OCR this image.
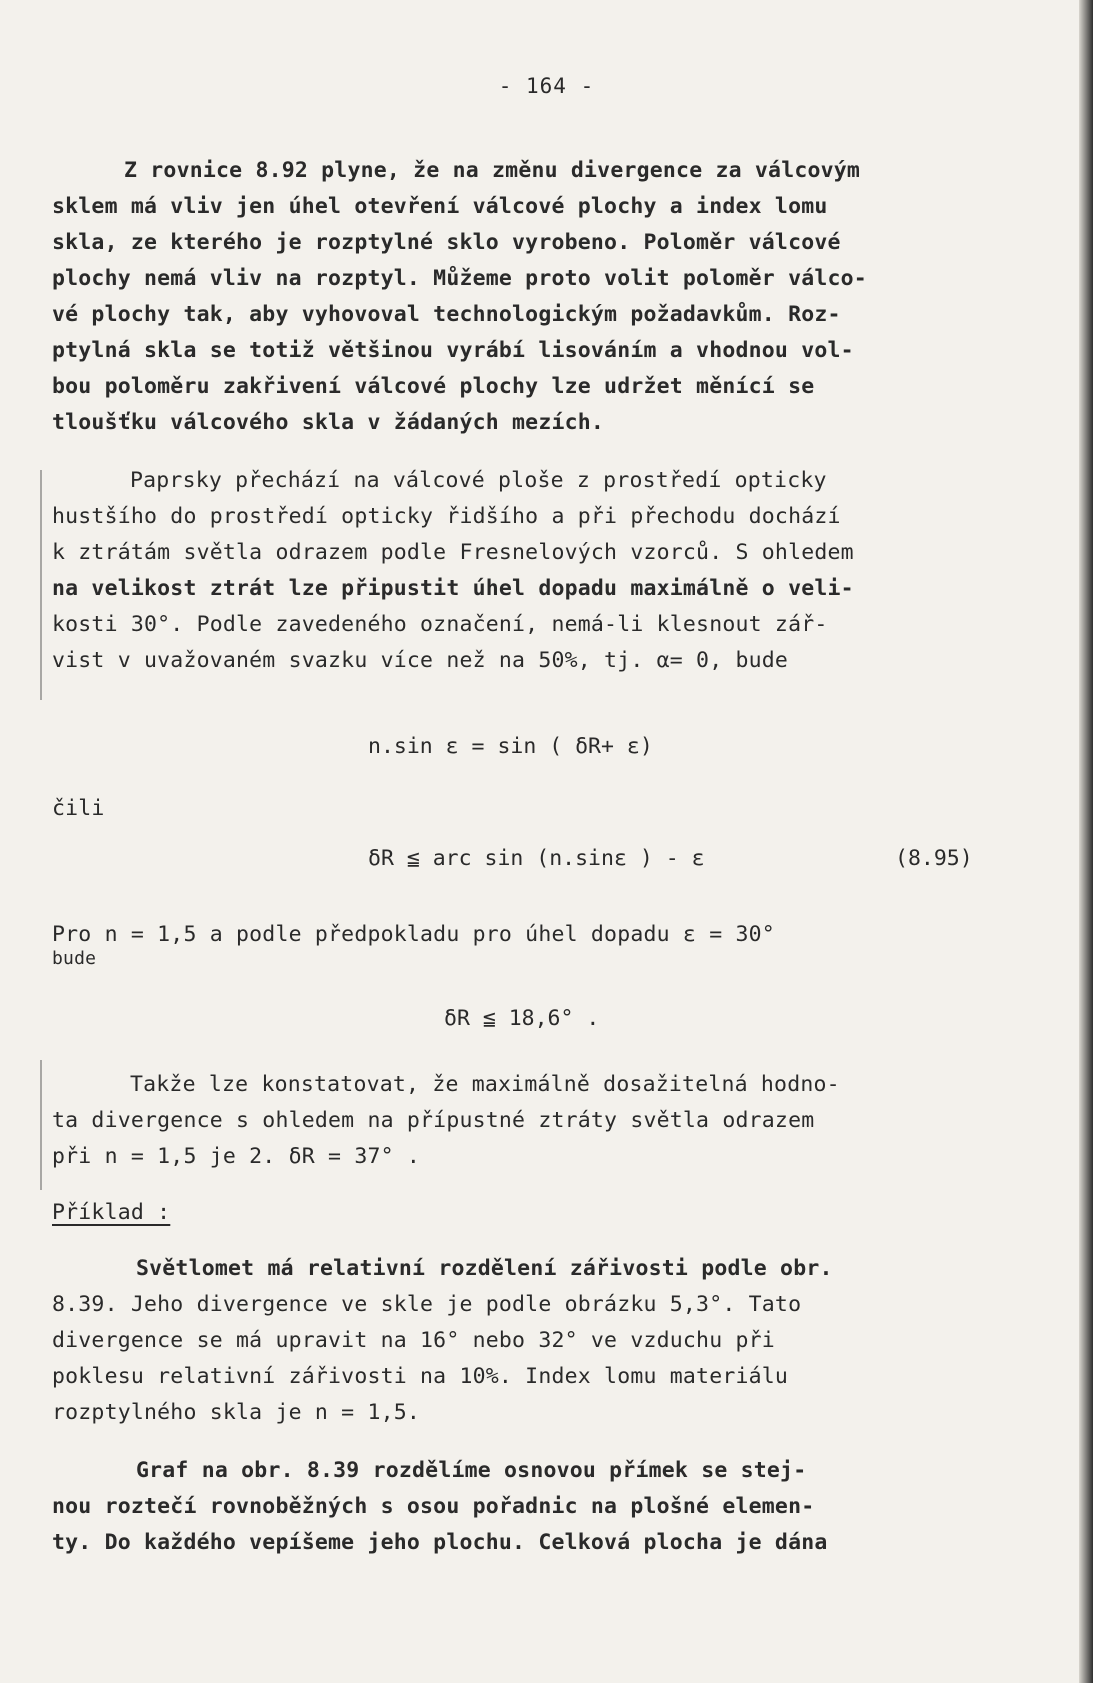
- 164 -
Z rovnice 8.92 plyne, že na změnu divergence za válcovým
sklem má vliv jen úhel otevření válcové plochy a index lomu
skla, ze kterého je rozptylné sklo vyrobeno. Poloměr válcové
plochy nemá vliv na rozptyl. Můžeme proto volit poloměr válco-
vé plochy tak, aby vyhovoval technologickým požadavkům. Roz-
ptylná skla se totiž většinou vyrábí lisováním a vhodnou vol-
bou poloměru zakřivení válcové plochy lze udržet měnící se
tloušťku válcového skla v žádaných mezích.
Paprsky přechází na válcové ploše z prostředí opticky
hustšího do prostředí opticky řidšího a při přechodu dochází
k ztrátám světla odrazem podle Fresnelových vzorců. S ohledem
na velikost ztrát lze připustit úhel dopadu maximálně o veli-
kosti 30°. Podle zavedeného označení, nemá-li klesnout zář-
vist v uvažovaném svazku více než na 50%, tj. α= 0, bude
n.sin ε = sin ( δR+ ε)
čili
δR ≦ arc sin (n.sinε ) - ε	(8.95)
Pro n = 1,5 a podle předpokladu pro úhel dopadu ε = 30°
bude
δR ≦ 18,6° .
Takže lze konstatovat, že maximálně dosažitelná hodno-
ta divergence s ohledem na přípustné ztráty světla odrazem
při n = 1,5 je 2. δR = 37° .
Příklad :
Světlomet má relativní rozdělení zářivosti podle obr.
8.39. Jeho divergence ve skle je podle obrázku 5,3°. Tato
divergence se má upravit na 16° nebo 32° ve vzduchu při
poklesu relativní zářivosti na 10%. Index lomu materiálu
rozptylného skla je n = 1,5.
Graf na obr. 8.39 rozdělíme osnovou přímek se stej-
nou roztečí rovnoběžných s osou pořadnic na plošné elemen-
ty. Do každého vepíšeme jeho plochu. Celková plocha je dána
